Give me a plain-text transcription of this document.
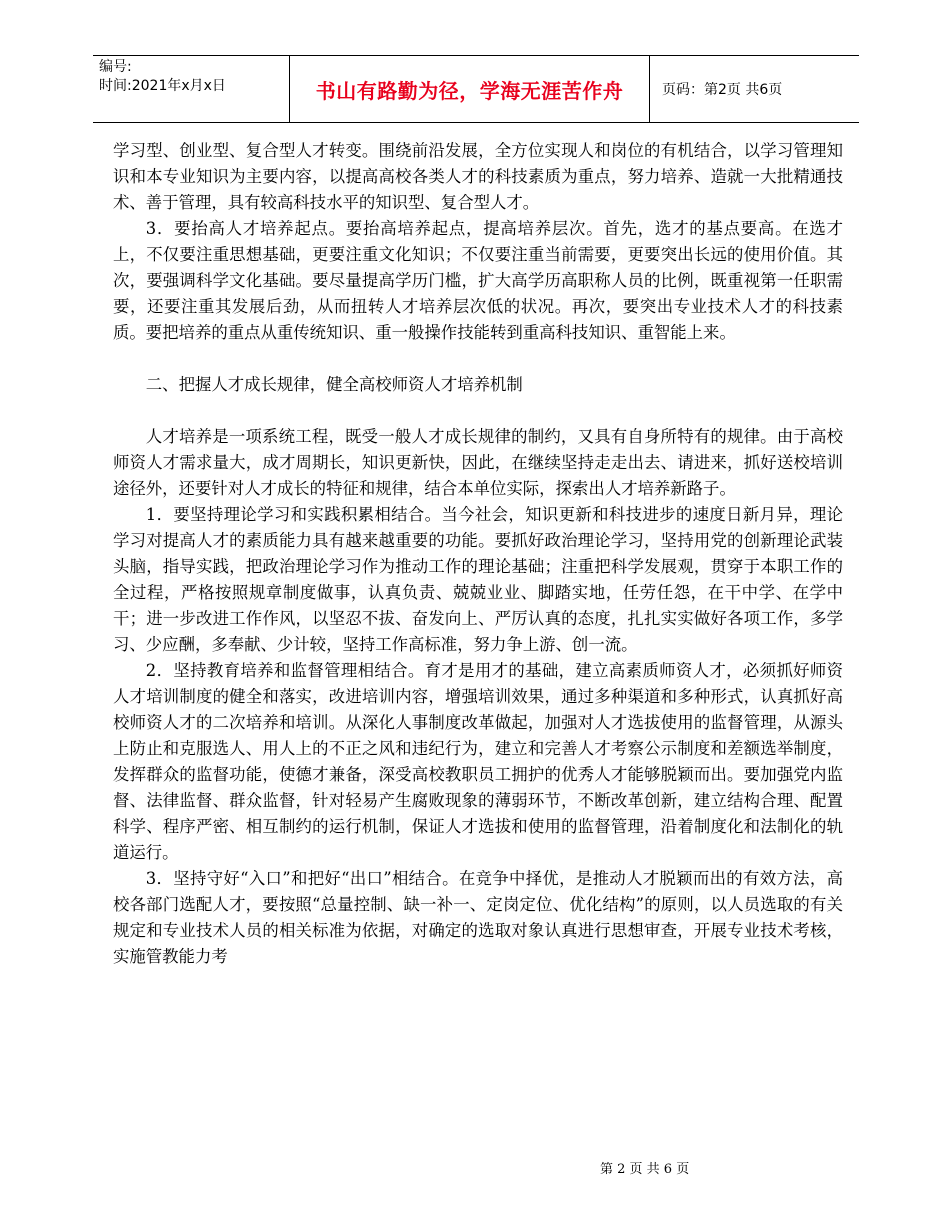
编号:
时间:2021年x月x日	书山有路勤为径，学海无涯苦作舟	页码：第2页 共6页

学习型、创业型、复合型人才转变。围绕前沿发展，全方位实现人和岗位的有机结合，以学习管理知识和本专业知识为主要内容，以提高高校各类人才的科技素质为重点，努力培养、造就一大批精通技术、善于管理，具有较高科技水平的知识型、复合型人才。

3．要抬高人才培养起点。要抬高培养起点，提高培养层次。首先，选才的基点要高。在选才上，不仅要注重思想基础，更要注重文化知识；不仅要注重当前需要，更要突出长远的使用价值。其次，要强调科学文化基础。要尽量提高学历门槛，扩大高学历高职称人员的比例，既重视第一任职需要，还要注重其发展后劲，从而扭转人才培养层次低的状况。再次，要突出专业技术人才的科技素质。要把培养的重点从重传统知识、重一般操作技能转到重高科技知识、重智能上来。

二、把握人才成长规律，健全高校师资人才培养机制

人才培养是一项系统工程，既受一般人才成长规律的制约，又具有自身所特有的规律。由于高校师资人才需求量大，成才周期长，知识更新快，因此，在继续坚持走走出去、请进来，抓好送校培训途径外，还要针对人才成长的特征和规律，结合本单位实际，探索出人才培养新路子。

1．要坚持理论学习和实践积累相结合。当今社会，知识更新和科技进步的速度日新月异，理论学习对提高人才的素质能力具有越来越重要的功能。要抓好政治理论学习，坚持用党的创新理论武装头脑，指导实践，把政治理论学习作为推动工作的理论基础；注重把科学发展观，贯穿于本职工作的全过程，严格按照规章制度做事，认真负责、兢兢业业、脚踏实地，任劳任怨，在干中学、在学中干；进一步改进工作作风，以坚忍不拔、奋发向上、严厉认真的态度，扎扎实实做好各项工作，多学习、少应酬，多奉献、少计较，坚持工作高标准，努力争上游、创一流。

2．坚持教育培养和监督管理相结合。育才是用才的基础，建立高素质师资人才，必须抓好师资人才培训制度的健全和落实，改进培训内容，增强培训效果，通过多种渠道和多种形式，认真抓好高校师资人才的二次培养和培训。从深化人事制度改革做起，加强对人才选拔使用的监督管理，从源头上防止和克服选人、用人上的不正之风和违纪行为，建立和完善人才考察公示制度和差额选举制度，发挥群众的监督功能，使德才兼备，深受高校教职员工拥护的优秀人才能够脱颖而出。要加强党内监督、法律监督、群众监督，针对轻易产生腐败现象的薄弱环节，不断改革创新，建立结构合理、配置科学、程序严密、相互制约的运行机制，保证人才选拔和使用的监督管理，沿着制度化和法制化的轨道运行。

3．坚持守好“入口”和把好“出口”相结合。在竞争中择优，是推动人才脱颖而出的有效方法，高校各部门选配人才，要按照“总量控制、缺一补一、定岗定位、优化结构”的原则，以人员选取的有关规定和专业技术人员的相关标准为依据，对确定的选取对象认真进行思想审查，开展专业技术考核，实施管教能力考

第 2 页 共 6 页
